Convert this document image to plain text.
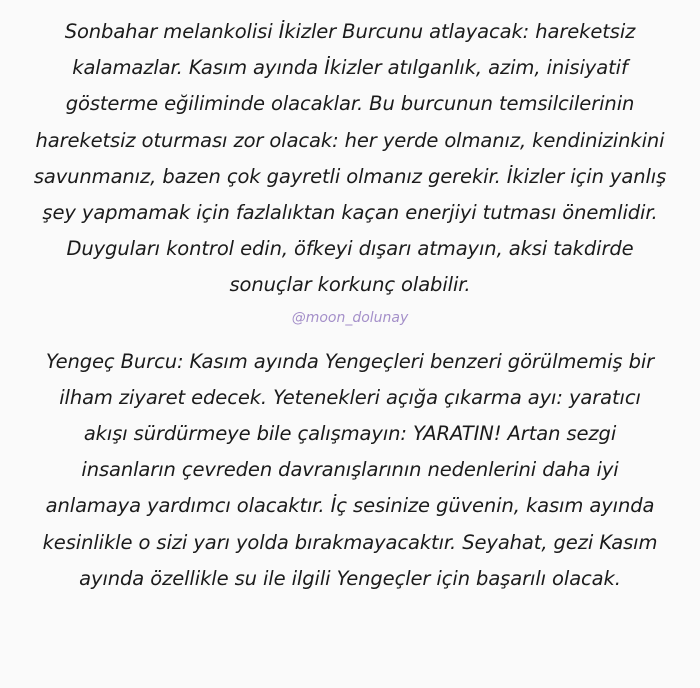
Sonbahar melankolisi İkizler Burcunu atlayacak: hareketsiz
kalamazlar. Kasım ayında İkizler atılganlık, azim, inisiyatif
gösterme eğiliminde olacaklar. Bu burcunun temsilcilerinin
hareketsiz oturması zor olacak: her yerde olmanız, kendinizinkini
savunmanız, bazen çok gayretli olmanız gerekir. İkizler için yanlış
şey yapmamak için fazlalıktan kaçan enerjiyi tutması önemlidir.
Duyguları kontrol edin, öfkeyi dışarı atmayın, aksi takdirde
sonuçlar korkunç olabilir.

@moon_dolunay

Yengeç Burcu: Kasım ayında Yengeçleri benzeri görülmemiş bir
ilham ziyaret edecek. Yetenekleri açığa çıkarma ayı: yaratıcı
akışı sürdürmeye bile çalışmayın: YARATIN! Artan sezgi
insanların çevreden davranışlarının nedenlerini daha iyi
anlamaya yardımcı olacaktır. İç sesinize güvenin, kasım ayında
kesinlikle o sizi yarı yolda bırakmayacaktır. Seyahat, gezi Kasım
ayında özellikle su ile ilgili Yengeçler için başarılı olacak.
